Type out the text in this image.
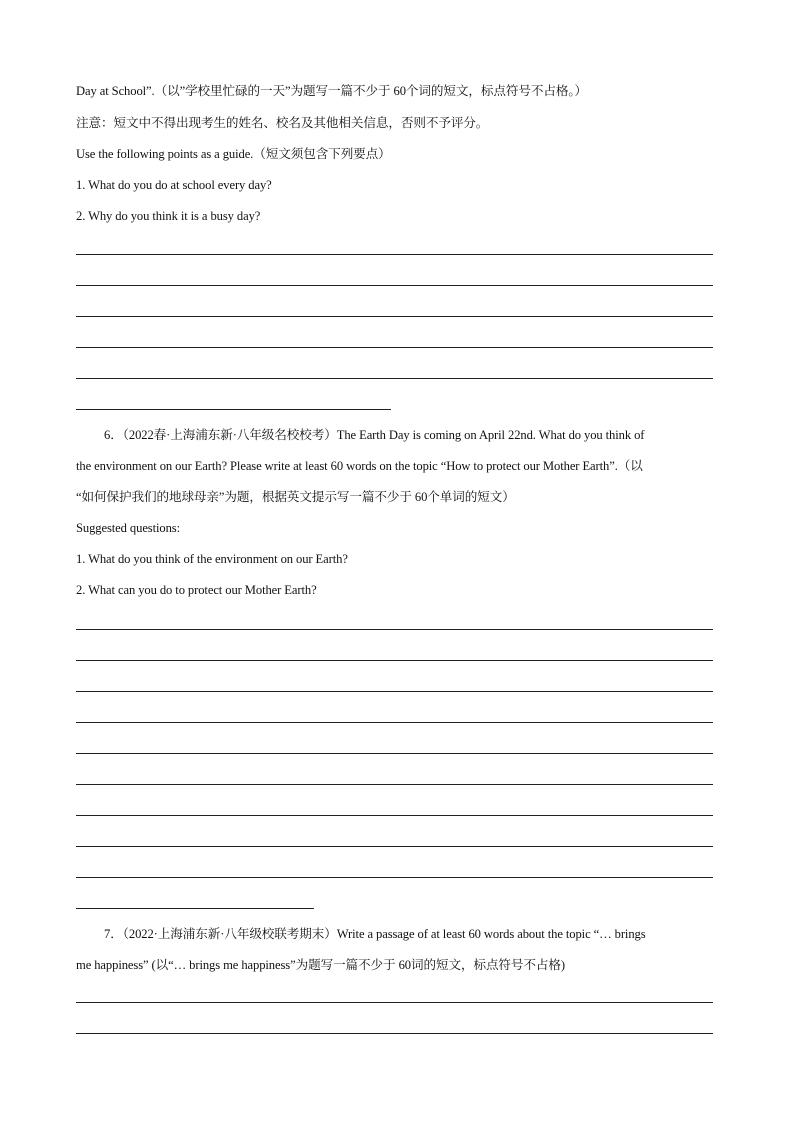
Day at School”.（以”学校里忙碌的一天”为题写一篇不少于 60个词的短文，标点符号不占格。）
注意：短文中不得出现考生的姓名、校名及其他相关信息，否则不予评分。
Use the following points as a guide.（短文须包含下列要点）
1. What do you do at school every day?
2. Why do you think it is a busy day?
6．（2022春·上海浦东新·八年级名校校考）The Earth Day is coming on April 22nd. What do you think of
the environment on our Earth? Please write at least 60 words on the topic “How to protect our Mother Earth”.（以
“如何保护我们的地球母亲”为题，根据英文提示写一篇不少于 60个单词的短文）
Suggested questions:
1. What do you think of the environment on our Earth?
2. What can you do to protect our Mother Earth?
7．（2022·上海浦东新·八年级校联考期末）Write a passage of at least 60 words about the topic “… brings
me happiness” (以“… brings me happiness”为题写一篇不少于 60词的短文，标点符号不占格)
